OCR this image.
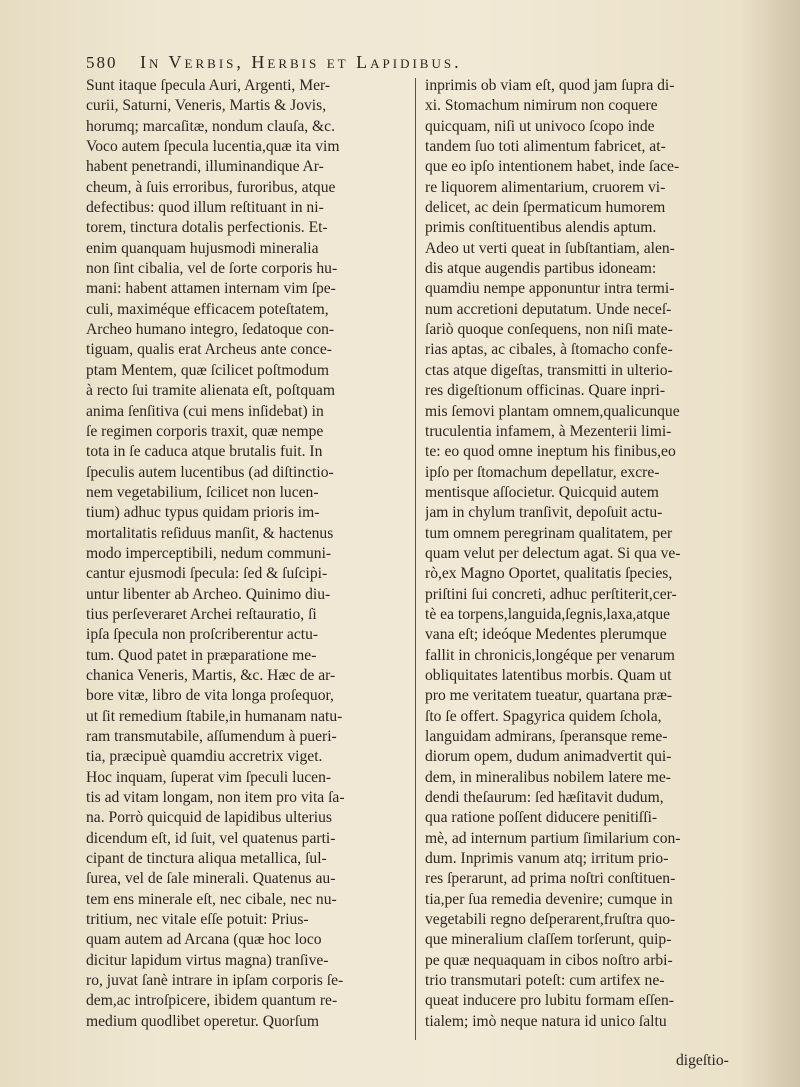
580	In Verbis, Herbis et Lapidibus.
Sunt itaque ſpecula Auri, Argenti, Mer-
curii, Saturni, Veneris, Martis & Jovis,
horumq; marcaſitæ, nondum clauſa, &c.
Voco autem ſpecula lucentia,quæ ita vim
habent penetrandi, illuminandique Ar-
cheum, à ſuis erroribus, furoribus, atque
defectibus: quod illum reſtituant in ni-
torem, tinctura dotalis perfectionis. Et-
enim quanquam hujusmodi mineralia
non ſint cibalia, vel de ſorte corporis hu-
mani: habent attamen internam vim ſpe-
culi, maximéque efficacem poteſtatem,
Archeo humano integro, ſedatoque con-
tiguam, qualis erat Archeus ante conce-
ptam Mentem, quæ ſcilicet poſtmodum
à recto ſui tramite alienata eſt, poſtquam
anima ſenſitiva (cui mens inſidebat) in
ſe regimen corporis traxit, quæ nempe
tota in ſe caduca atque brutalis fuit. In
ſpeculis autem lucentibus (ad diſtinctio-
nem vegetabilium, ſcilicet non lucen-
tium) adhuc typus quidam prioris im-
mortalitatis reſiduus manſit, & hactenus
modo imperceptibili, nedum communi-
cantur ejusmodi ſpecula: ſed & ſuſcipi-
untur libenter ab Archeo. Quinimo diu-
tius perſeveraret Archei reſtauratio, ſi
ipſa ſpecula non proſcriberentur actu-
tum. Quod patet in præparatione me-
chanica Veneris, Martis, &c. Hæc de ar-
bore vitæ, libro de vita longa proſequor,
ut ſit remedium ſtabile,in humanam natu-
ram transmutabile, aſſumendum à pueri-
tia, præcipuè quamdiu accretrix viget.
Hoc inquam, ſuperat vim ſpeculi lucen-
tis ad vitam longam, non item pro vita ſa-
na. Porrò quicquid de lapidibus ulterius
dicendum eſt, id ſuit, vel quatenus parti-
cipant de tinctura aliqua metallica, ſul-
ſurea, vel de ſale minerali. Quatenus au-
tem ens minerale eſt, nec cibale, nec nu-
tritium, nec vitale eſſe potuit: Prius-
quam autem ad Arcana (quæ hoc loco
dicitur lapidum virtus magna) tranſive-
ro, juvat ſanè intrare in ipſam corporis ſe-
dem,ac introſpicere, ibidem quantum re-
medium quodlibet operetur. Quorſum
inprimis ob viam eſt, quod jam ſupra di-
xi. Stomachum nimirum non coquere
quicquam, niſi ut univoco ſcopo inde
tandem ſuo toti alimentum fabricet, at-
que eo ipſo intentionem habet, inde ſace-
re liquorem alimentarium, cruorem vi-
delicet, ac dein ſpermaticum humorem
primis conſtituentibus alendis aptum.
Adeo ut verti queat in ſubſtantiam, alen-
dis atque augendis partibus idoneam:
quamdiu nempe apponuntur intra termi-
num accretioni deputatum. Unde neceſ-
ſariò quoque conſequens, non niſi mate-
rias aptas, ac cibales, à ſtomacho confe-
ctas atque digeſtas, transmitti in ulterio-
res digeſtionum officinas. Quare inpri-
mis ſemovi plantam omnem,qualicunque
truculentia infamem, à Mezenterii limi-
te: eo quod omne ineptum his finibus,eo
ipſo per ſtomachum depellatur, excre-
mentisque aſſocietur. Quicquid autem
jam in chylum tranſivit, depoſuit actu-
tum omnem peregrinam qualitatem, per
quam velut per delectum agat. Si qua ve-
rò,ex Magno Oportet, qualitatis ſpecies,
priſtini ſui concreti, adhuc perſtiterit,cer-
tè ea torpens,languida,ſegnis,laxa,atque
vana eſt; ideóque Medentes plerumque
fallit in chronicis,longéque per venarum
obliquitates latentibus morbis. Quam ut
pro me veritatem tueatur, quartana præ-
ſto ſe offert. Spagyrica quidem ſchola,
languidam admirans, ſperansque reme-
diorum opem, dudum animadvertit qui-
dem, in mineralibus nobilem latere me-
dendi theſaurum: ſed hæſitavit dudum,
qua ratione poſſent diducere penitiſſi-
mè, ad internum partium ſimilarium con-
dum. Inprimis vanum atq; irritum prio-
res ſperarunt, ad prima noſtri conſtituen-
tia,per ſua remedia devenire; cumque in
vegetabili regno deſperarent,fruſtra quo-
que mineralium claſſem torſerunt, quip-
pe quæ nequaquam in cibos noſtro arbi-
trio transmutari poteſt: cum artifex ne-
queat inducere pro lubitu formam eſſen-
tialem; imò neque natura id unico ſaltu
digeſtio-
